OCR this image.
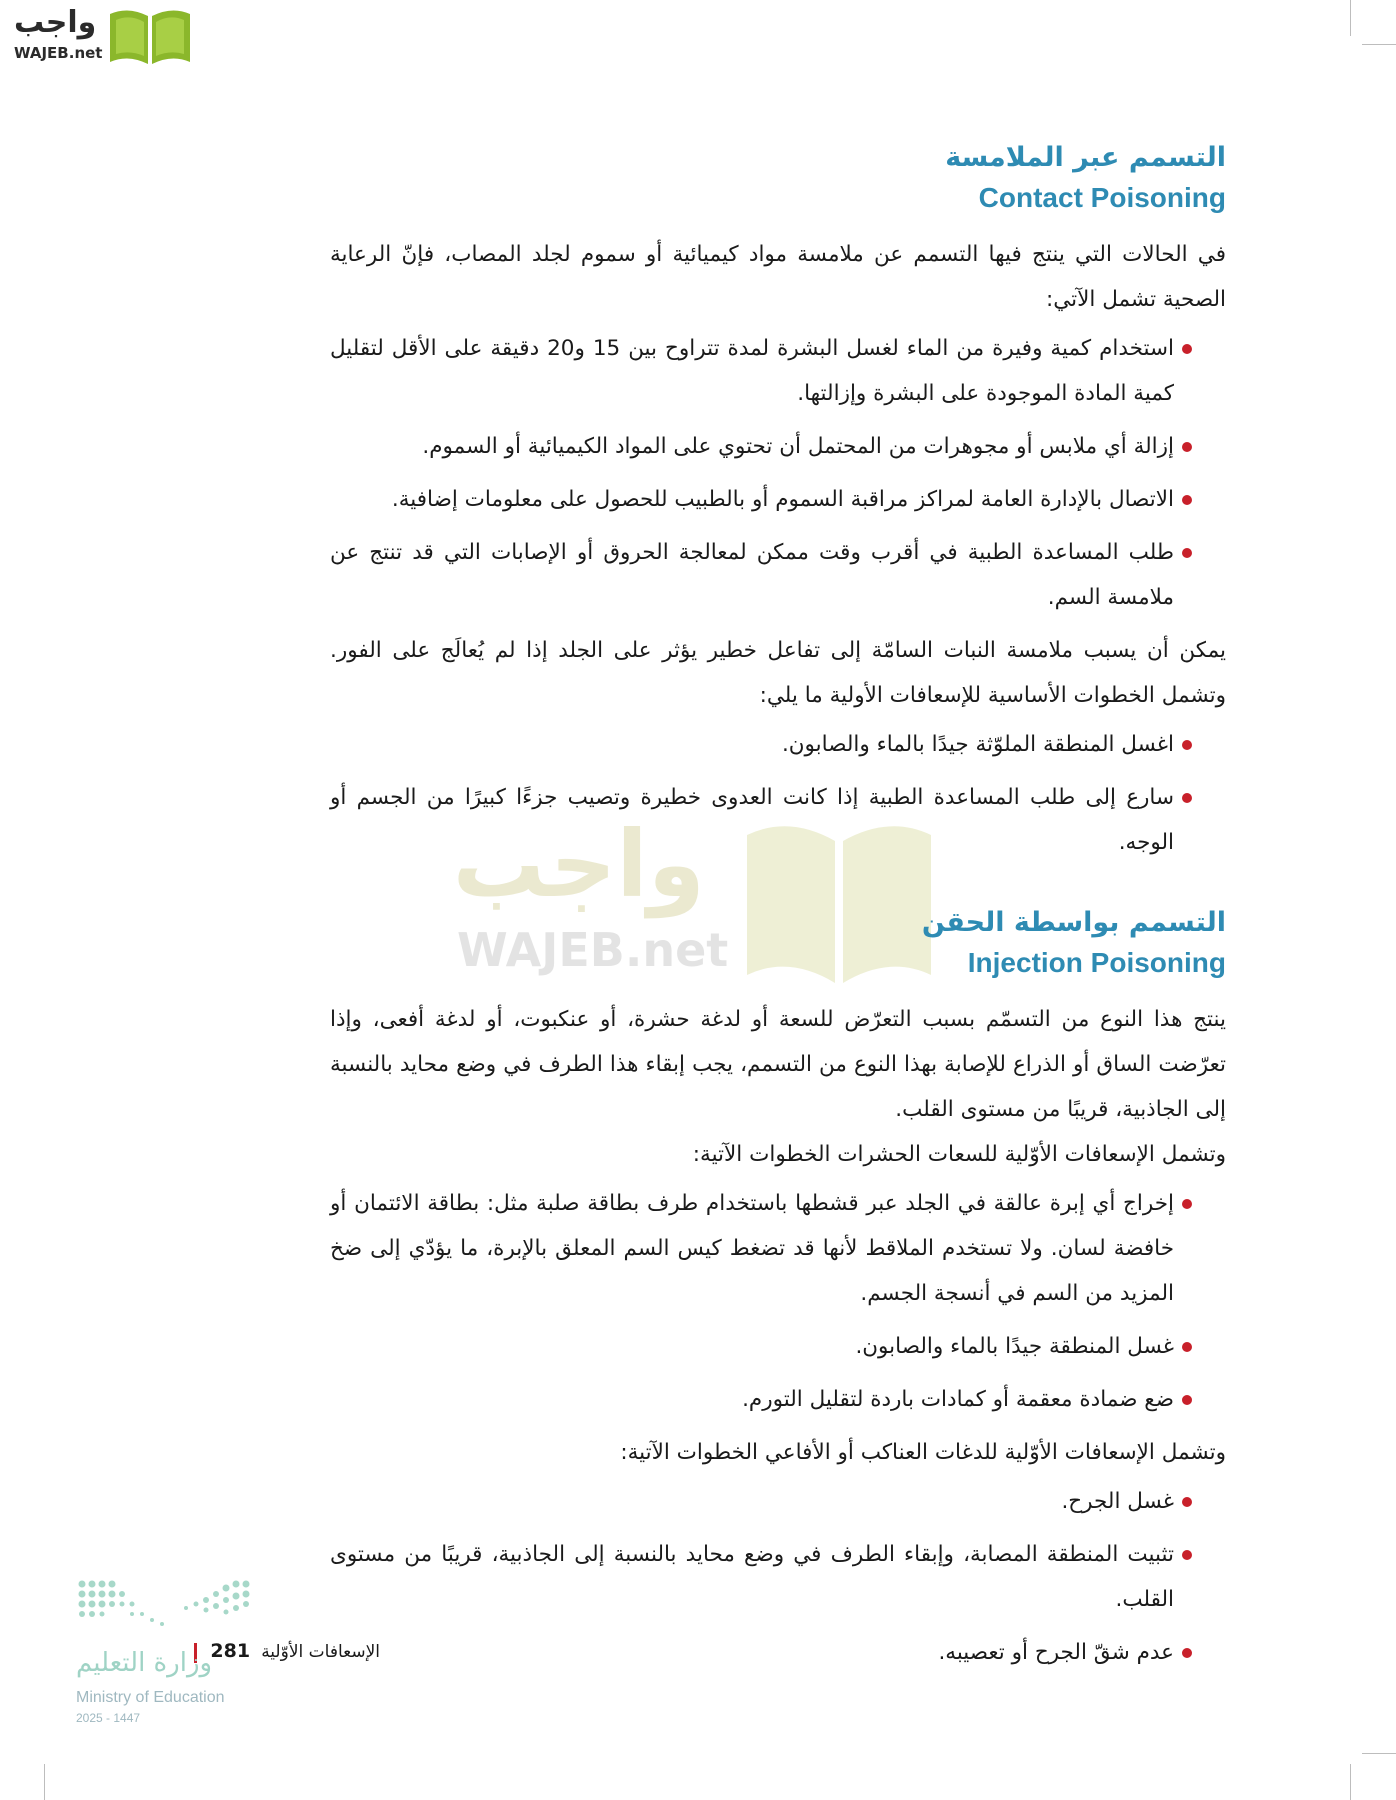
واجب
WAJEB.net
واجب
WAJEB.net
التسمم عبر الملامسة
Contact Poisoning

في الحالات التي ينتج فيها التسمم عن ملامسة مواد كيميائية أو سموم لجلد المصاب، فإنّ الرعاية الصحية تشمل الآتي:

استخدام كمية وفيرة من الماء لغسل البشرة لمدة تتراوح بين 15 و20 دقيقة على الأقل لتقليل كمية المادة الموجودة على البشرة وإزالتها.
إزالة أي ملابس أو مجوهرات من المحتمل أن تحتوي على المواد الكيميائية أو السموم.
الاتصال بالإدارة العامة لمراكز مراقبة السموم أو بالطبيب للحصول على معلومات إضافية.
طلب المساعدة الطبية في أقرب وقت ممكن لمعالجة الحروق أو الإصابات التي قد تنتج عن ملامسة السم.

يمكن أن يسبب ملامسة النبات السامّة إلى تفاعل خطير يؤثر على الجلد إذا لم يُعالَج على الفور. وتشمل الخطوات الأساسية للإسعافات الأولية ما يلي:

اغسل المنطقة الملوّثة جيدًا بالماء والصابون.
سارع إلى طلب المساعدة الطبية إذا كانت العدوى خطيرة وتصيب جزءًا كبيرًا من الجسم أو الوجه.
التسمم بواسطة الحقن
Injection Poisoning

ينتج هذا النوع من التسمّم بسبب التعرّض للسعة أو لدغة حشرة، أو عنكبوت، أو لدغة أفعى، وإذا تعرّضت الساق أو الذراع للإصابة بهذا النوع من التسمم، يجب إبقاء هذا الطرف في وضع محايد بالنسبة إلى الجاذبية، قريبًا من مستوى القلب.

وتشمل الإسعافات الأوّلية للسعات الحشرات الخطوات الآتية:

إخراج أي إبرة عالقة في الجلد عبر قشطها باستخدام طرف بطاقة صلبة مثل: بطاقة الائتمان أو خافضة لسان. ولا تستخدم الملاقط لأنها قد تضغط كيس السم المعلق بالإبرة، ما يؤدّي إلى ضخ المزيد من السم في أنسجة الجسم.
غسل المنطقة جيدًا بالماء والصابون.
ضع ضمادة معقمة أو كمادات باردة لتقليل التورم.

وتشمل الإسعافات الأوّلية للدغات العناكب أو الأفاعي الخطوات الآتية:

غسل الجرح.
تثبيت المنطقة المصابة، وإبقاء الطرف في وضع محايد بالنسبة إلى الجاذبية، قريبًا من مستوى القلب.
عدم شقّ الجرح أو تعصيبه.
الإسعافات الأوّلية 281
وزارة التعليم
Ministry of Education
2025 - 1447
